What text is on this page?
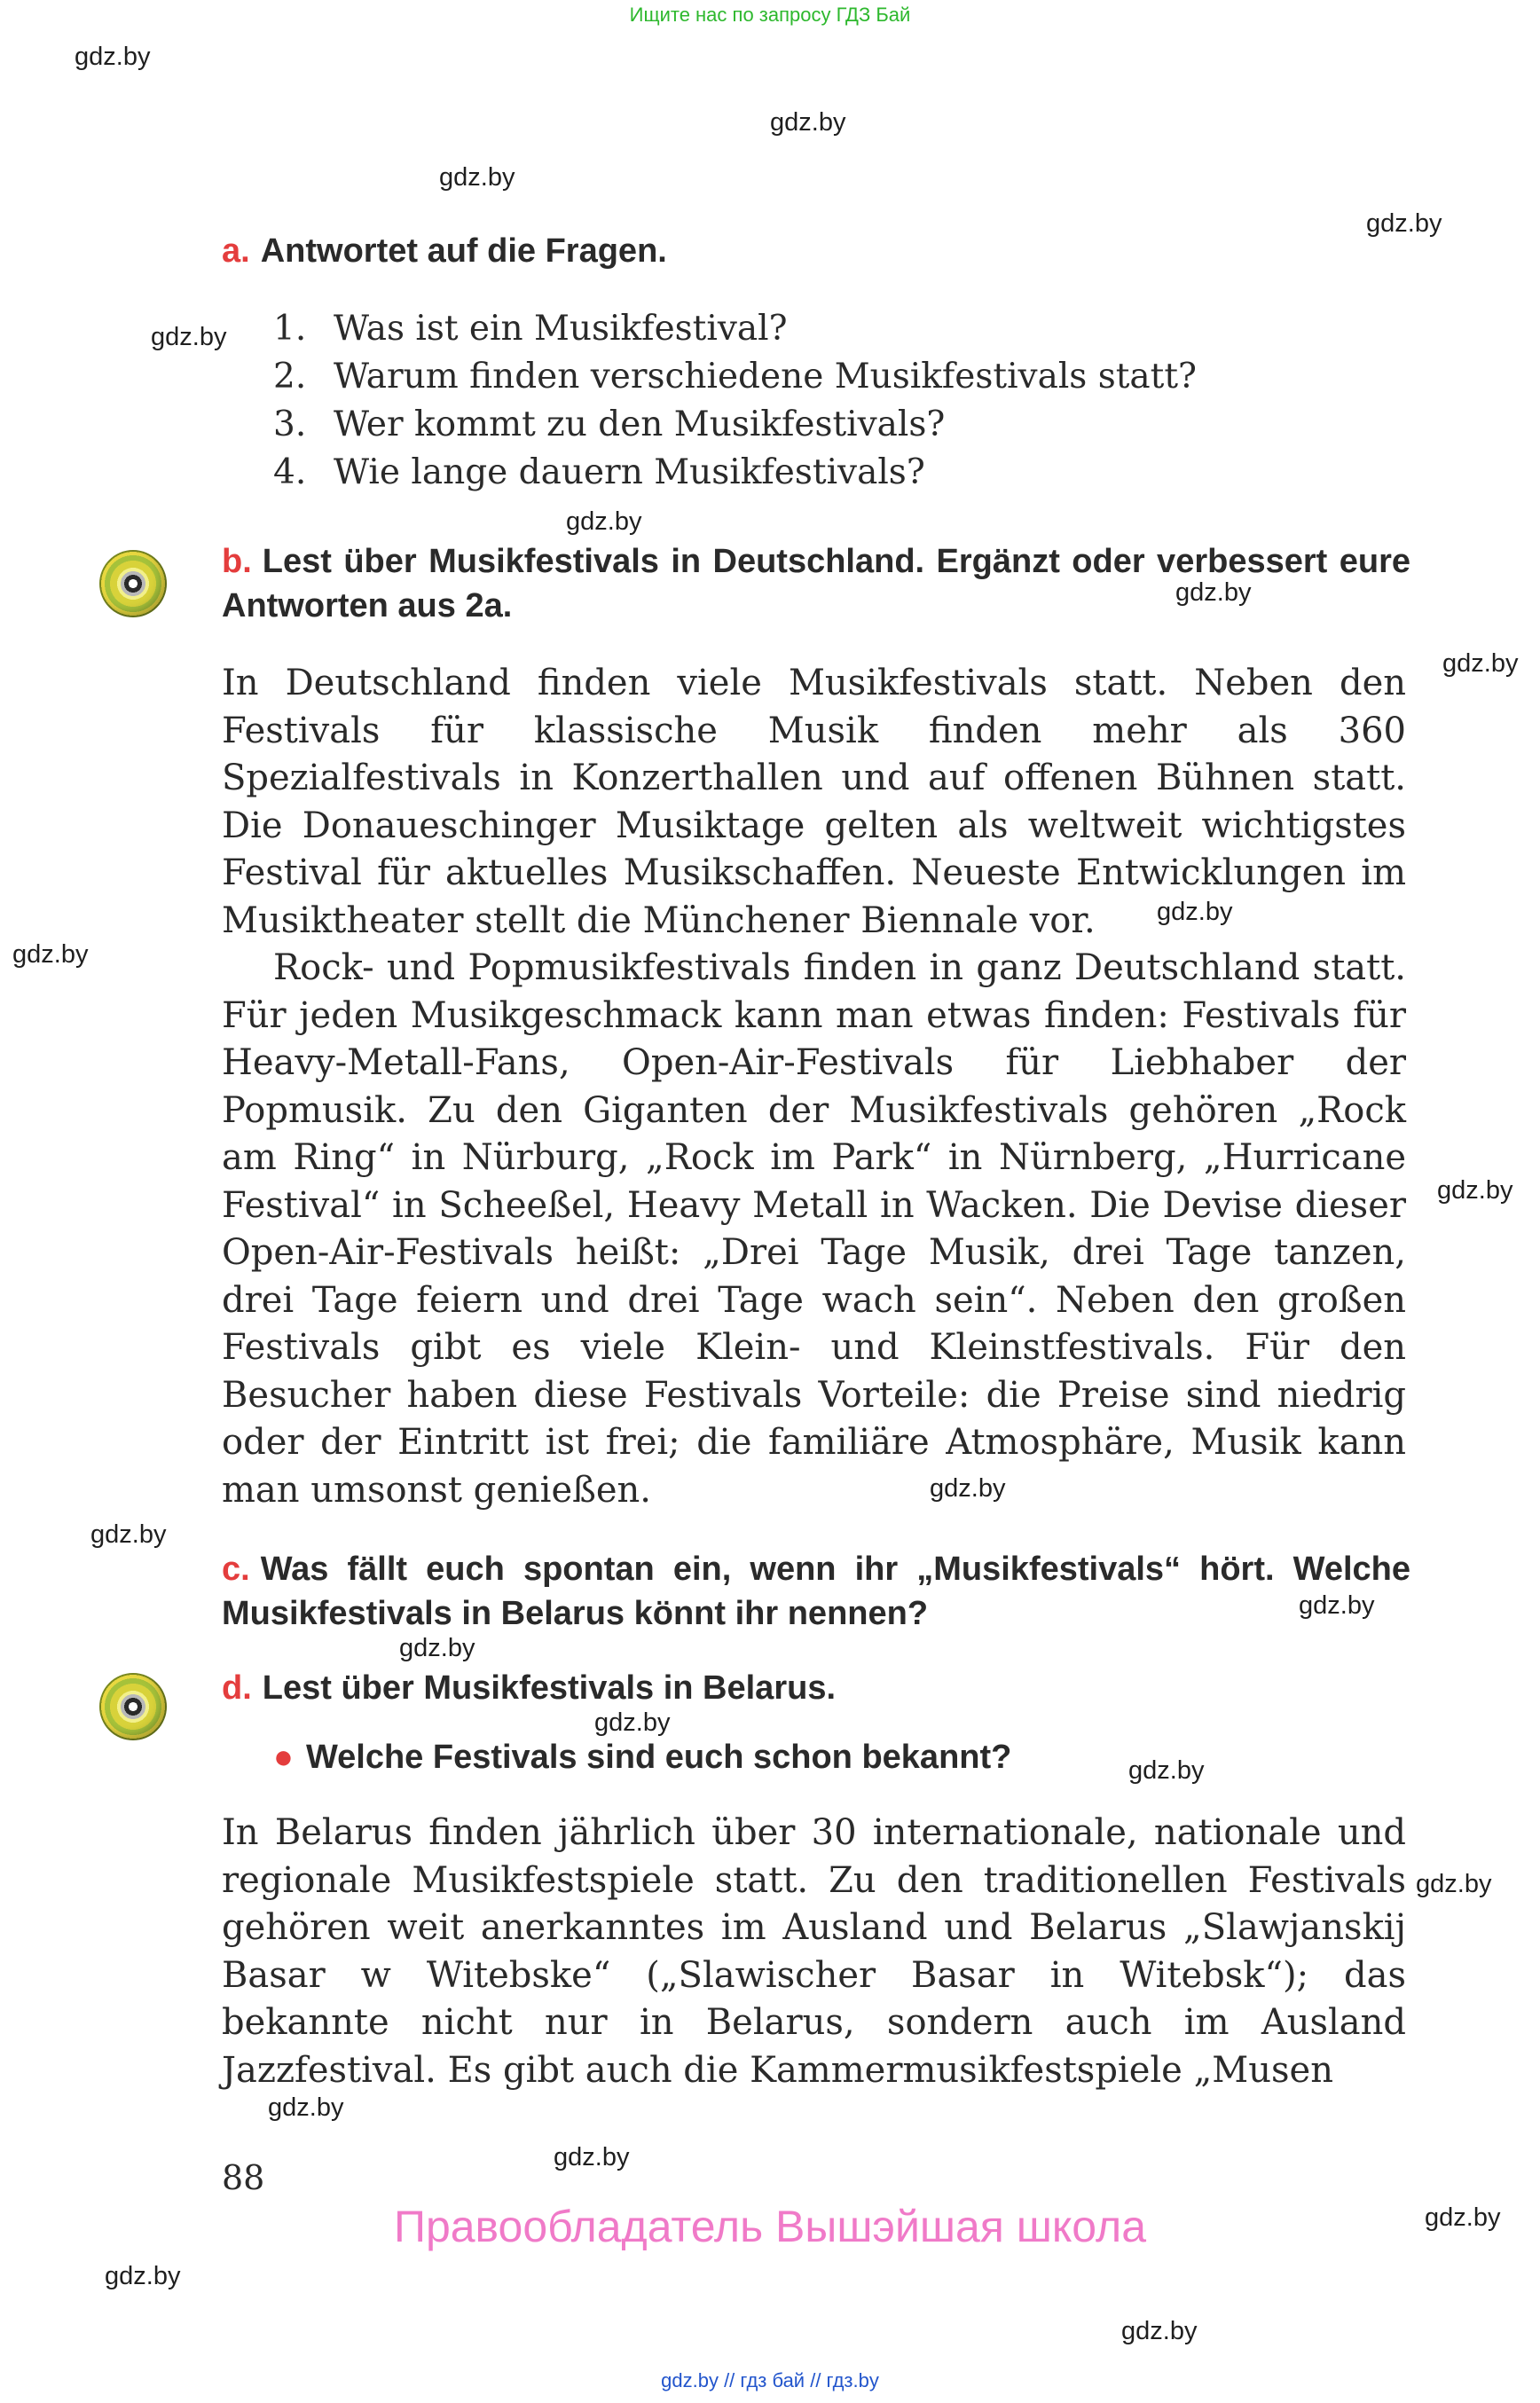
Ищите нас по запросу ГДЗ Бай
gdz.by
gdz.by
gdz.by
gdz.by
gdz.by
gdz.by
gdz.by
gdz.by
gdz.by
gdz.by
gdz.by
gdz.by
gdz.by
gdz.by
gdz.by
gdz.by
gdz.by
gdz.by
gdz.by
gdz.by
gdz.by
gdz.by
gdz.by
a. Antwortet auf die Fragen.
1. Was ist ein Musikfestival?
2. Warum finden verschiedene Musikfestivals statt?
3. Wer kommt zu den Musikfestivals?
4. Wie lange dauern Musikfestivals?
b. Lest über Musikfestivals in Deutschland. Ergänzt oder verbessert eure Antworten aus 2a.

In Deutschland finden viele Musikfestivals statt. Neben den Festivals für klassische Musik finden mehr als 360 Spezialfestivals in Konzerthallen und auf offenen Bühnen statt. Die Donaueschinger Musiktage gelten als weltweit wichtigstes Festival für aktuelles Musikschaffen. Neueste Entwicklungen im Musiktheater stellt die Münchener Biennale vor.

Rock- und Popmusikfestivals finden in ganz Deutschland statt. Für jeden Musikgeschmack kann man etwas finden: Festivals für Heavy-Metall-Fans, Open-Air-Festivals für Liebhaber der Popmusik. Zu den Giganten der Musikfestivals gehören „Rock am Ring“ in Nürburg, „Rock im Park“ in Nürnberg, „Hurricane Festival“ in Scheeßel, Heavy Metall in Wacken. Die Devise dieser Open-Air-Festivals heißt: „Drei Tage Musik, drei Tage tanzen, drei Tage feiern und drei Tage wach sein“. Neben den großen Festivals gibt es viele Klein- und Kleinstfestivals. Für den Besucher haben diese Festivals Vorteile: die Preise sind niedrig oder der Eintritt ist frei; die familiäre Atmosphäre, Musik kann man umsonst genießen.

c. Was fällt euch spontan ein, wenn ihr „Musikfestivals“ hört. Welche Musikfestivals in Belarus könnt ihr nennen?
d. Lest über Musikfestivals in Belarus.
● Welche Festivals sind euch schon bekannt?

In Belarus finden jährlich über 30 internationale, nationale und regionale Musikfestspiele statt. Zu den traditionellen Festivals gehören weit anerkanntes im Ausland und Belarus „Slawjanskij Basar w Witebske“ („Slawischer Basar in Witebsk“); das bekannte nicht nur in Belarus, sondern auch im Ausland Jazzfestival. Es gibt auch die Kammermusikfestspiele „Musen

88
Правообладатель Вышэйшая школа
gdz.by // гдз бай // гдз.by
